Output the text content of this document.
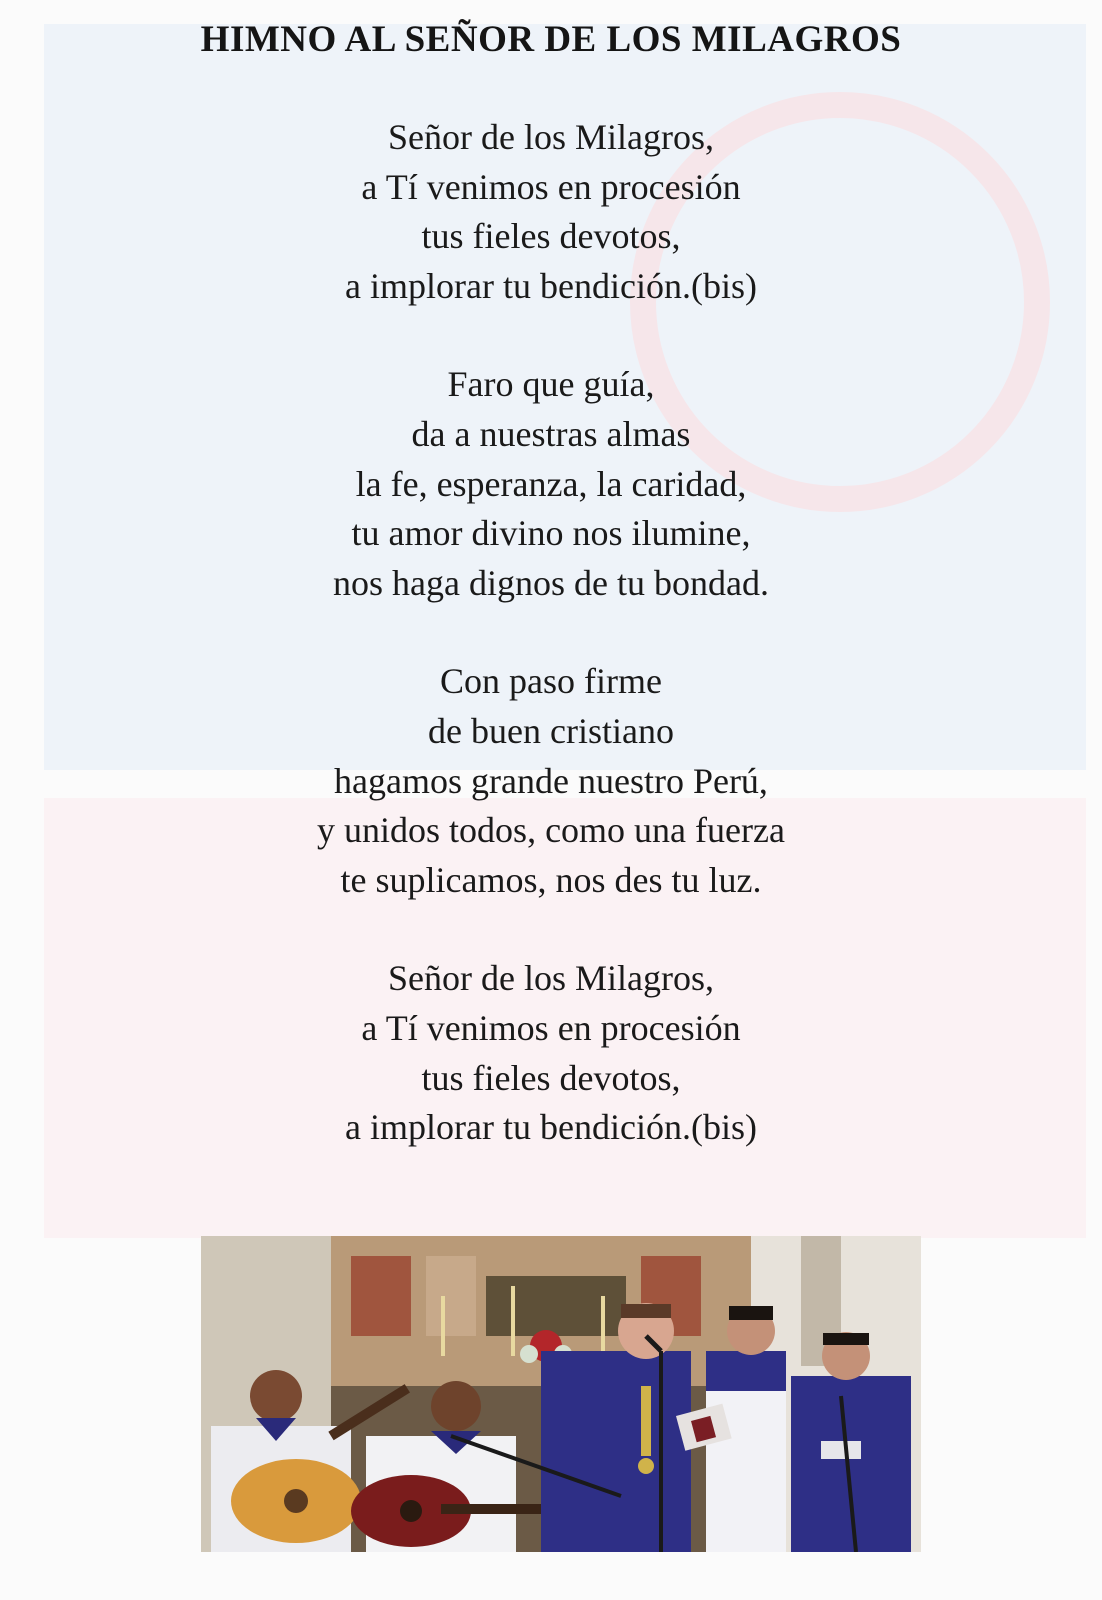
HIMNO AL SEÑOR DE LOS MILAGROS
Señor de los Milagros,
a Tí venimos en procesión
tus fieles devotos,
a implorar tu bendición.(bis)
Faro que guía,
da a nuestras almas
la fe, esperanza, la caridad,
tu amor divino nos ilumine,
nos haga dignos de tu bondad.
Con paso firme
de buen cristiano
hagamos grande nuestro Perú,
y unidos todos, como una fuerza
te suplicamos, nos des tu luz.
Señor de los Milagros,
a Tí venimos en procesión
tus fieles devotos,
a implorar tu bendición.(bis)
